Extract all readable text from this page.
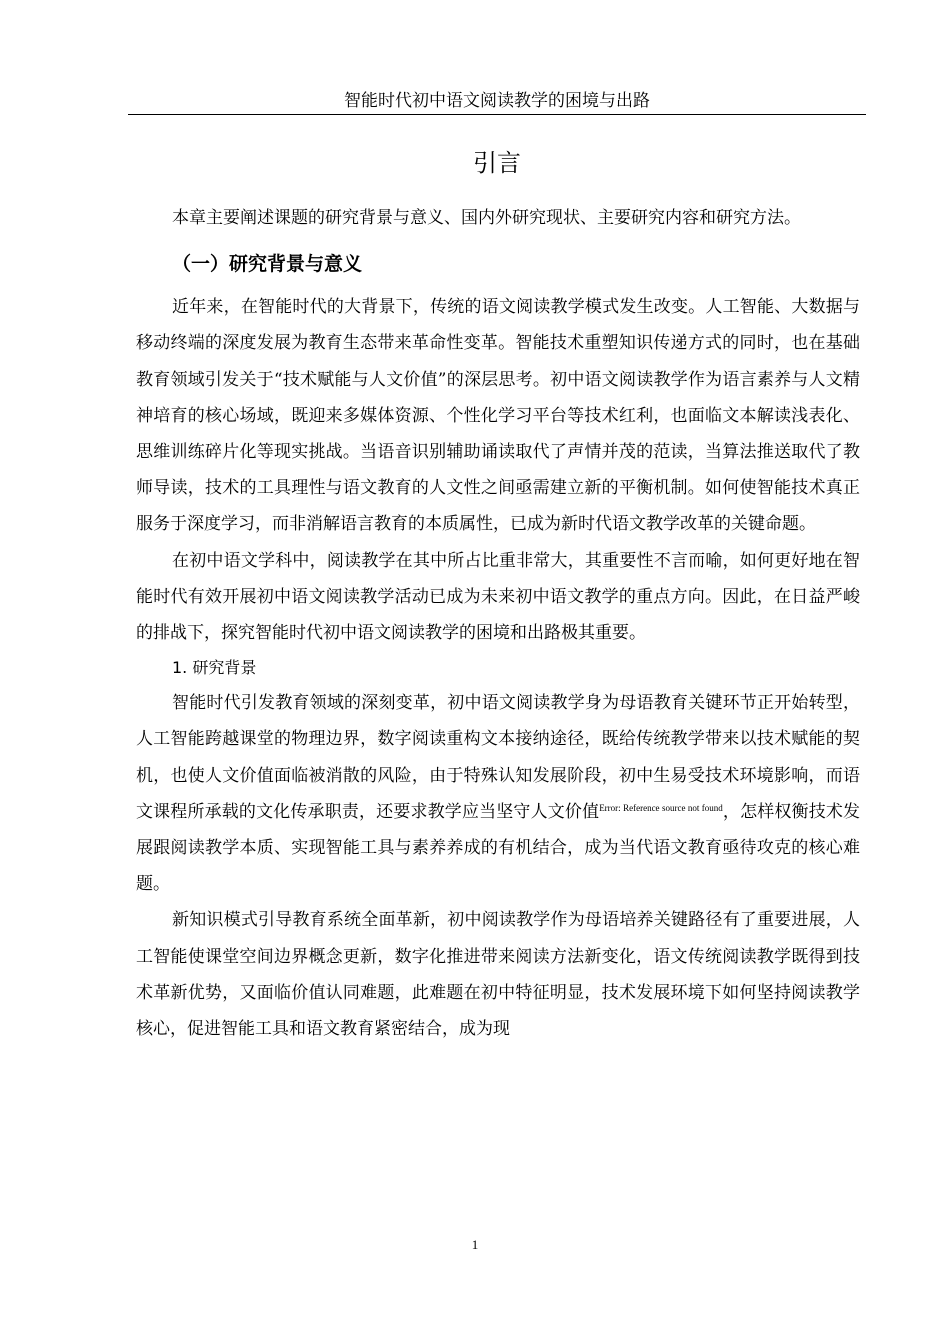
智能时代初中语文阅读教学的困境与出路
引言

本章主要阐述课题的研究背景与意义、国内外研究现状、主要研究内容和研究方法。

（一）研究背景与意义

近年来，在智能时代的大背景下，传统的语文阅读教学模式发生改变。人工智能、大数据与移动终端的深度发展为教育生态带来革命性变革。智能技术重塑知识传递方式的同时，也在基础教育领域引发关于“技术赋能与人文价值”的深层思考。初中语文阅读教学作为语言素养与人文精神培育的核心场域，既迎来多媒体资源、个性化学习平台等技术红利，也面临文本解读浅表化、思维训练碎片化等现实挑战。当语音识别辅助诵读取代了声情并茂的范读，当算法推送取代了教师导读，技术的工具理性与语文教育的人文性之间亟需建立新的平衡机制。如何使智能技术真正服务于深度学习，而非消解语言教育的本质属性，已成为新时代语文教学改革的关键命题。

在初中语文学科中，阅读教学在其中所占比重非常大，其重要性不言而喻，如何更好地在智能时代有效开展初中语文阅读教学活动已成为未来初中语文教学的重点方向。因此，在日益严峻的排战下，探究智能时代初中语文阅读教学的困境和出路极其重要。

1. 研究背景

智能时代引发教育领域的深刻变革，初中语文阅读教学身为母语教育关键环节正开始转型，人工智能跨越课堂的物理边界，数字阅读重构文本接纳途径，既给传统教学带来以技术赋能的契机，也使人文价值面临被消散的风险，由于特殊认知发展阶段，初中生易受技术环境影响，而语文课程所承载的文化传承职责，还要求教学应当坚守人文价值$^{Error: Reference source not found}$，怎样权衡技术发展跟阅读教学本质、实现智能工具与素养养成的有机结合，成为当代语文教育亟待攻克的核心难题。

新知识模式引导教育系统全面革新，初中阅读教学作为母语培养关键路径有了重要进展，人工智能使课堂空间边界概念更新，数字化推进带来阅读方法新变化，语文传统阅读教学既得到技术革新优势，又面临价值认同难题，此难题在初中特征明显，技术发展环境下如何坚持阅读教学核心，促进智能工具和语文教育紧密结合，成为现

1
